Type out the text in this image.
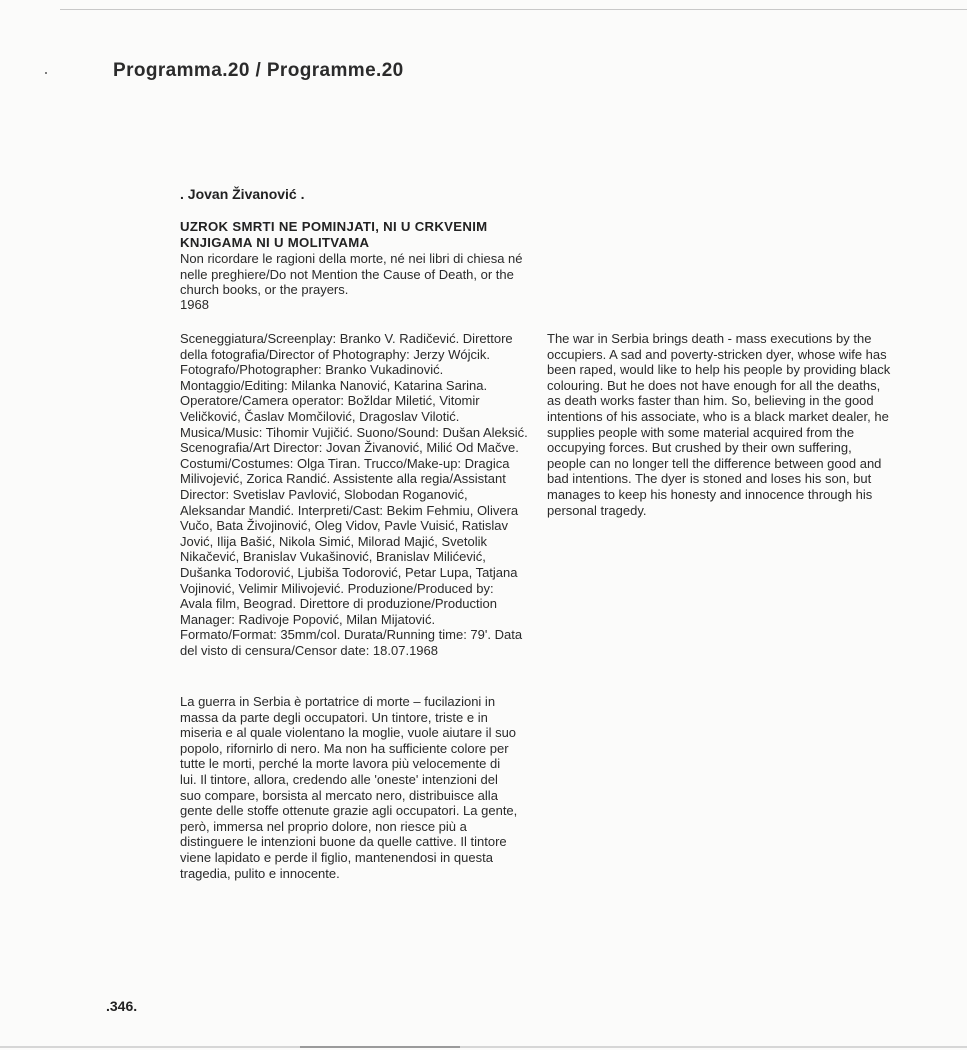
Programma.20 / Programme.20
. Jovan Živanović .
UZROK SMRTI NE POMINJATI, NI U CRKVENIM KNJIGAMA NI U MOLITVAMA
Non ricordare le ragioni della morte, né nei libri di chiesa né nelle preghiere/Do not Mention the Cause of Death, or the church books, or the prayers.
1968
Sceneggiatura/Screenplay: Branko V. Radičević. Direttore della fotografia/Director of Photography: Jerzy Wójcik. Fotografo/Photographer: Branko Vukadinović. Montaggio/Editing: Milanka Nanović, Katarina Sarina. Operatore/Camera operator: Božldar Miletić, Vitomir Veličković, Časlav Momčilović, Dragoslav Vilotić. Musica/Music: Tihomir Vujičić. Suono/Sound: Dušan Aleksić. Scenografia/Art Director: Jovan Živanović, Milić Od Mačve. Costumi/Costumes: Olga Tiran. Trucco/Make-up: Dragica Milivojević, Zorica Randić. Assistente alla regia/Assistant Director: Svetislav Pavlović, Slobodan Roganović, Aleksandar Mandić. Interpreti/Cast: Bekim Fehmiu, Olivera Vučo, Bata Živojinović, Oleg Vidov, Pavle Vuisić, Ratislav Jović, Ilija Bašić, Nikola Simić, Milorad Majić, Svetolik Nikačević, Branislav Vukašinović, Branislav Milićević, Dušanka Todorović, Ljubiša Todorović, Petar Lupa, Tatjana Vojinović, Velimir Milivojević. Produzione/Produced by: Avala film, Beograd. Direttore di produzione/Production Manager: Radivoje Popović, Milan Mijatović. Formato/Format: 35mm/col. Durata/Running time: 79'. Data del visto di censura/Censor date: 18.07.1968
La guerra in Serbia è portatrice di morte – fucilazioni in massa da parte degli occupatori. Un tintore, triste e in miseria e al quale violentano la moglie, vuole aiutare il suo popolo, rifornirlo di nero. Ma non ha sufficiente colore per tutte le morti, perché la morte lavora più velocemente di lui. Il tintore, allora, credendo alle 'oneste' intenzioni del suo compare, borsista al mercato nero, distribuisce alla gente delle stoffe ottenute grazie agli occupatori. La gente, però, immersa nel proprio dolore, non riesce più a distinguere le intenzioni buone da quelle cattive. Il tintore viene lapidato e perde il figlio, mantenendosi in questa tragedia, pulito e innocente.
The war in Serbia brings death - mass executions by the occupiers. A sad and poverty-stricken dyer, whose wife has been raped, would like to help his people by providing black colouring. But he does not have enough for all the deaths, as death works faster than him. So, believing in the good intentions of his associate, who is a black market dealer, he supplies people with some material acquired from the occupying forces. But crushed by their own suffering, people can no longer tell the difference between good and bad intentions. The dyer is stoned and loses his son, but manages to keep his honesty and innocence through his personal tragedy.
.346.
